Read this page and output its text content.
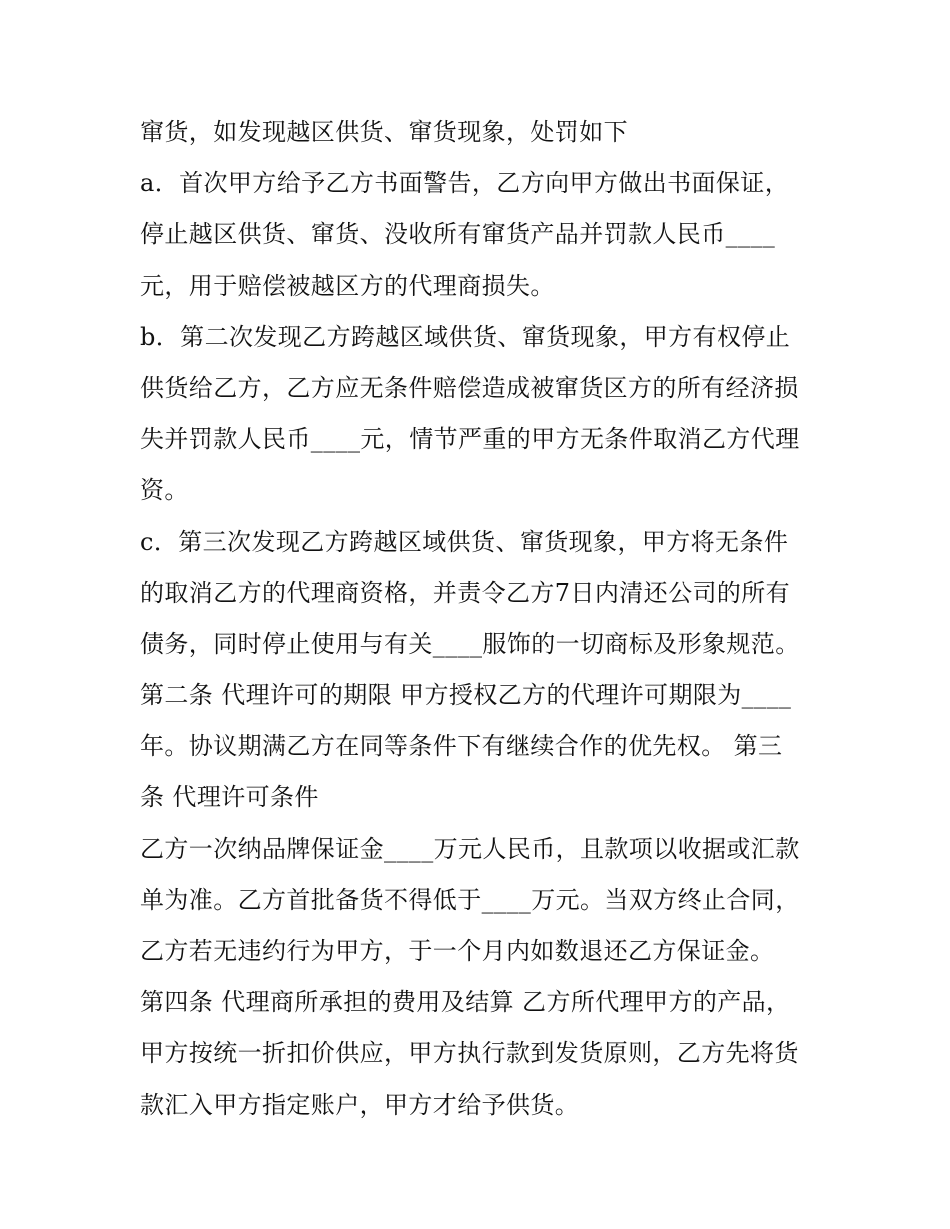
窜货，如发现越区供货、窜货现象，处罚如下
a．首次甲方给予乙方书面警告，乙方向甲方做出书面保证，
停止越区供货、窜货、没收所有窜货产品并罚款人民币____
元，用于赔偿被越区方的代理商损失。
b．第二次发现乙方跨越区域供货、窜货现象，甲方有权停止
供货给乙方，乙方应无条件赔偿造成被窜货区方的所有经济损
失并罚款人民币____元，情节严重的甲方无条件取消乙方代理
资。
c．第三次发现乙方跨越区域供货、窜货现象，甲方将无条件
的取消乙方的代理商资格，并责令乙方7日内清还公司的所有
债务，同时停止使用与有关____服饰的一切商标及形象规范。
第二条 代理许可的期限 甲方授权乙方的代理许可期限为____
年。协议期满乙方在同等条件下有继续合作的优先权。 第三
条 代理许可条件
乙方一次纳品牌保证金____万元人民币，且款项以收据或汇款
单为准。乙方首批备货不得低于____万元。当双方终止合同，
乙方若无违约行为甲方，于一个月内如数退还乙方保证金。
第四条 代理商所承担的费用及结算 乙方所代理甲方的产品，
甲方按统一折扣价供应，甲方执行款到发货原则，乙方先将货
款汇入甲方指定账户，甲方才给予供货。
